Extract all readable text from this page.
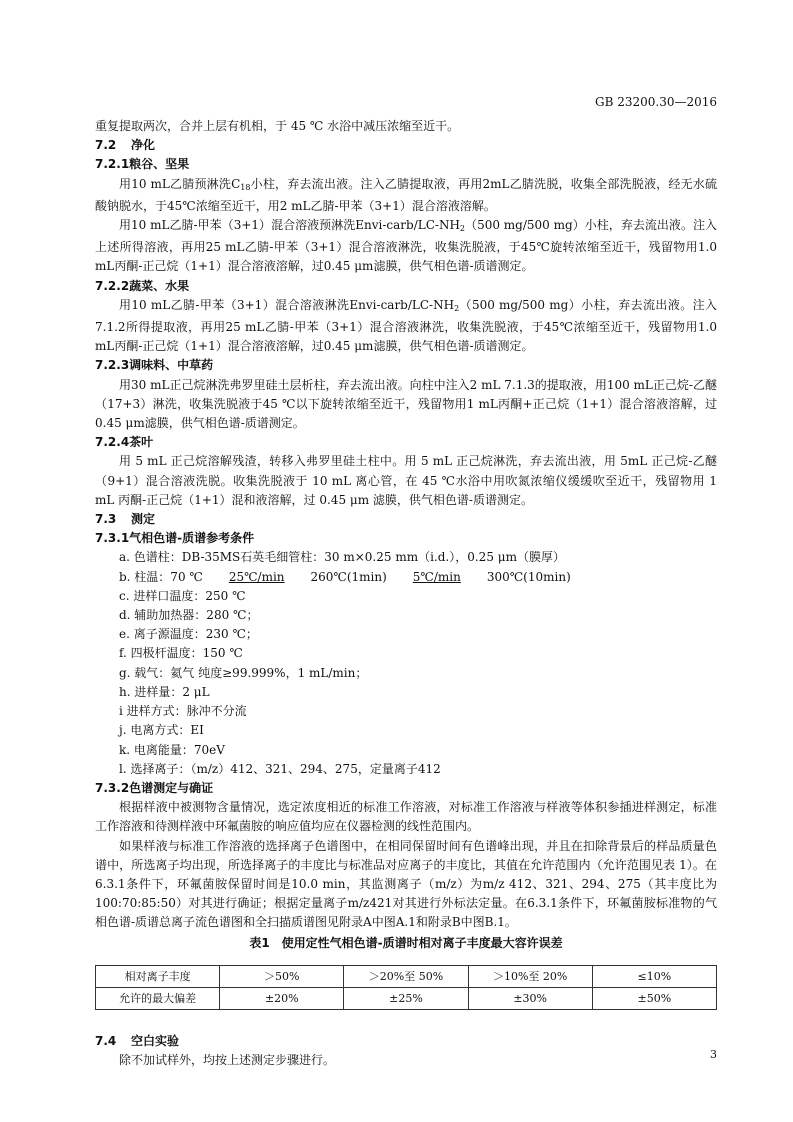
GB 23200.30—2016

重复提取两次，合并上层有机相，于 45 ℃ 水浴中减压浓缩至近干。

7.2 净化

7.2.1粮谷、坚果

用10 mL乙腈预淋洗$C_{18}$小柱，弃去流出液。注入乙腈提取液，再用2mL乙腈洗脱，收集全部洗脱液，经无水硫酸钠脱水，于45℃浓缩至近干，用2 mL乙腈-甲苯（3+1）混合溶液溶解。

用10 mL乙腈-甲苯（3+1）混合溶液预淋洗Envi-$carb/LC-NH_2(500$ mg/500 mg）小柱，弃去流出液。注入上述所得溶液，再用25 mL乙腈-甲苯（3+1）混合溶液淋洗，收集洗脱液，于45℃旋转浓缩至近干，残留物用1.0 mL丙酮-正己烷（1+1）混合溶液溶解，过0.45 μm滤膜，供气相色谱-质谱测定。

7.2.2蔬菜、水果

用10 mL乙腈-甲苯（3+1）混合溶液淋洗Envi-$carb/LC-NH_2(500$ mg/500 mg）小柱，弃去流出液。注入7.1.2所得提取液，再用25 mL乙腈-甲苯（3+1）混合溶液淋洗，收集洗脱液，于45℃浓缩至近干，残留物用1.0 mL丙酮-正己烷（1+1）混合溶液溶解，过0.45 μm滤膜，供气相色谱-质谱测定。

7.2.3调味料、中草药

用30 mL正己烷淋洗弗罗里硅土层析柱，弃去流出液。向柱中注入2 mL 7.1.3的提取液，用100 mL正己烷-乙醚（17+3）淋洗，收集洗脱液于45 ℃以下旋转浓缩至近干，残留物用1 mL丙酮+正己烷（1+1）混合溶液溶解，过0.45 μm滤膜，供气相色谱-质谱测定。

7.2.4茶叶

用 5 mL 正己烷溶解残渣，转移入弗罗里硅土柱中。用 5 mL 正己烷淋洗，弃去流出液，用 5mL 正己烷-乙醚（9+1）混合溶液洗脱。收集洗脱液于 10 mL 离心管，在 45 ℃水浴中用吹氮浓缩仪缓缓吹至近干，残留物用 1 mL 丙酮-正己烷（1+1）混和液溶解，过 0.45 μm 滤膜，供气相色谱-质谱测定。

7.3 测定

7.3.1气相色谱-质谱参考条件

a. 色谱柱：DB-35MS石英毛细管柱：30 m×0.25 mm（i.d.），0.25 μm（膜厚）
b. 柱温：70 ℃ 25℃/min 260℃(1min) 5℃/min 300℃(10min)
c. 进样口温度：250 ℃
d. 辅助加热器：280 ℃；
e. 离子源温度：230 ℃；
f. 四极杆温度：150 ℃
g. 载气：氦气 纯度≥99.999%，1 mL/min；
h. 进样量：2 μL
i 进样方式：脉冲不分流
j. 电离方式：EI
k. 电离能量：70eV
l. 选择离子：（m/z）412、321、294、275，定量离子412

7.3.2色谱测定与确证

根据样液中被测物含量情况，选定浓度相近的标准工作溶液，对标准工作溶液与样液等体积参插进样测定，标准工作溶液和待测样液中环氟菌胺的响应值均应在仪器检测的线性范围内。

如果样液与标准工作溶液的选择离子色谱图中，在相同保留时间有色谱峰出现，并且在扣除背景后的样品质量色谱中，所选离子均出现，所选择离子的丰度比与标准品对应离子的丰度比，其值在允许范围内（允许范围见表 1）。在6.3.1条件下，环氟菌胺保留时间是10.0 min，其监测离子（m/z）为m/z 412、321、294、275（其丰度比为100:70:85:50）对其进行确证；根据定量离子m/z421对其进行外标法定量。在6.3.1条件下，环氟菌胺标准物的气相色谱-质谱总离子流色谱图和全扫描质谱图见附录A中图A.1和附录B中图B.1。

表1　使用定性气相色谱-质谱时相对离子丰度最大容许误差

相对离子丰度	＞50%	＞20%至 50%	＞10%至 20%	≤10%
允许的最大偏差	±20%	±25%	±30%	±50%

7.4 空白实验

除不加试样外，均按上述测定步骤进行。	3
